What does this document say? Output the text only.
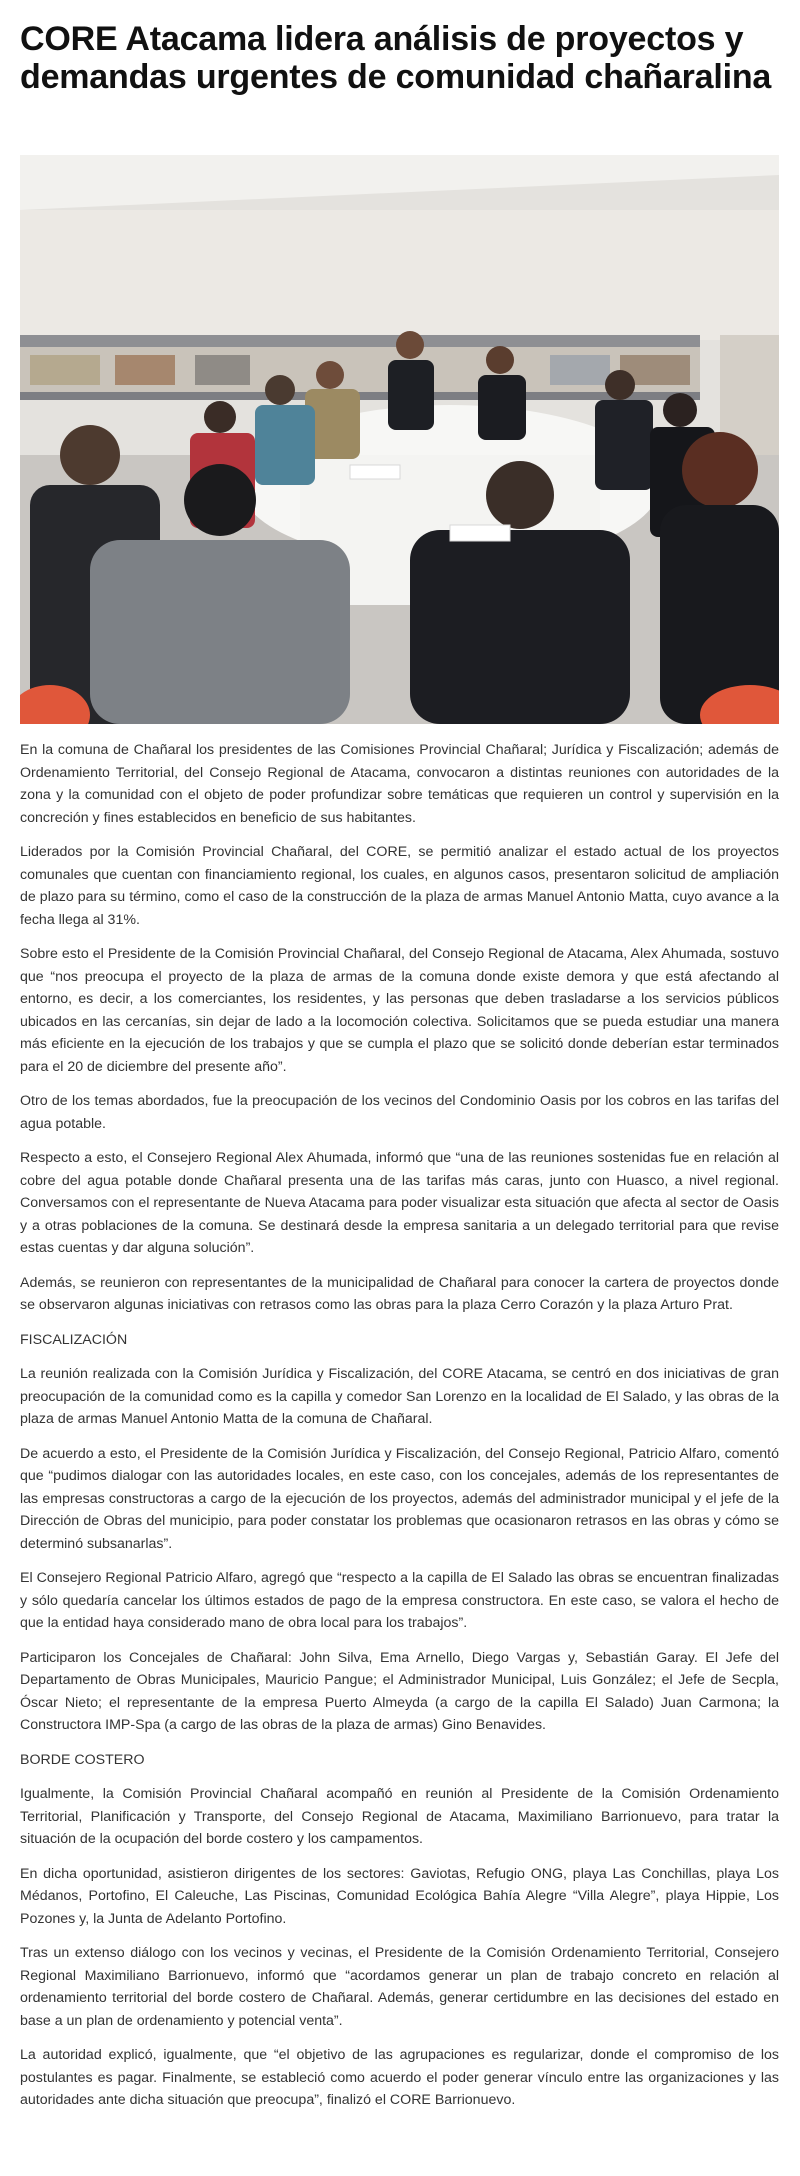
CORE Atacama lidera análisis de proyectos y demandas urgentes de comunidad chañaralina

En la comuna de Chañaral los presidentes de las Comisiones Provincial Chañaral; Jurídica y Fiscalización; además de Ordenamiento Territorial, del Consejo Regional de Atacama, convocaron a distintas reuniones con autoridades de la zona y la comunidad con el objeto de poder profundizar sobre temáticas que requieren un control y supervisión en la concreción y fines establecidos en beneficio de sus habitantes.

Liderados por la Comisión Provincial Chañaral, del CORE, se permitió analizar el estado actual de los proyectos comunales que cuentan con financiamiento regional, los cuales, en algunos casos, presentaron solicitud de ampliación de plazo para su término, como el caso de la construcción de la plaza de armas Manuel Antonio Matta, cuyo avance a la fecha llega al 31%.

Sobre esto el Presidente de la Comisión Provincial Chañaral, del Consejo Regional de Atacama, Alex Ahumada, sostuvo que “nos preocupa el proyecto de la plaza de armas de la comuna donde existe demora y que está afectando al entorno, es decir, a los comerciantes, los residentes, y las personas que deben trasladarse a los servicios públicos ubicados en las cercanías, sin dejar de lado a la locomoción colectiva. Solicitamos que se pueda estudiar una manera más eficiente en la ejecución de los trabajos y que se cumpla el plazo que se solicitó donde deberían estar terminados para el 20 de diciembre del presente año”.

Otro de los temas abordados, fue la preocupación de los vecinos del Condominio Oasis por los cobros en las tarifas del agua potable.

Respecto a esto, el Consejero Regional Alex Ahumada, informó que “una de las reuniones sostenidas fue en relación al cobre del agua potable donde Chañaral presenta una de las tarifas más caras, junto con Huasco, a nivel regional. Conversamos con el representante de Nueva Atacama para poder visualizar esta situación que afecta al sector de Oasis y a otras poblaciones de la comuna. Se destinará desde la empresa sanitaria a un delegado territorial para que revise estas cuentas y dar alguna solución”.

Además, se reunieron con representantes de la municipalidad de Chañaral para conocer la cartera de proyectos donde se observaron algunas iniciativas con retrasos como las obras para la plaza Cerro Corazón y la plaza Arturo Prat.

FISCALIZACIÓN

La reunión realizada con la Comisión Jurídica y Fiscalización, del CORE Atacama, se centró en dos iniciativas de gran preocupación de la comunidad como es la capilla y comedor San Lorenzo en la localidad de El Salado, y las obras de la plaza de armas Manuel Antonio Matta de la comuna de Chañaral.

De acuerdo a esto, el Presidente de la Comisión Jurídica y Fiscalización, del Consejo Regional, Patricio Alfaro, comentó que “pudimos dialogar con las autoridades locales, en este caso, con los concejales, además de los representantes de las empresas constructoras a cargo de la ejecución de los proyectos, además del administrador municipal y el jefe de la Dirección de Obras del municipio, para poder constatar los problemas que ocasionaron retrasos en las obras y cómo se determinó subsanarlas”.

El Consejero Regional Patricio Alfaro, agregó que “respecto a la capilla de El Salado las obras se encuentran finalizadas y sólo quedaría cancelar los últimos estados de pago de la empresa constructora. En este caso, se valora el hecho de que la entidad haya considerado mano de obra local para los trabajos”.

Participaron los Concejales de Chañaral: John Silva, Ema Arnello, Diego Vargas y, Sebastián Garay. El Jefe del Departamento de Obras Municipales, Mauricio Pangue; el Administrador Municipal, Luis González; el Jefe de Secpla, Óscar Nieto; el representante de la empresa Puerto Almeyda (a cargo de la capilla El Salado) Juan Carmona; la Constructora IMP-Spa (a cargo de las obras de la plaza de armas) Gino Benavides.

BORDE COSTERO

Igualmente, la Comisión Provincial Chañaral acompañó en reunión al Presidente de la Comisión Ordenamiento Territorial, Planificación y Transporte, del Consejo Regional de Atacama, Maximiliano Barrionuevo, para tratar la situación de la ocupación del borde costero y los campamentos.

En dicha oportunidad, asistieron dirigentes de los sectores: Gaviotas, Refugio ONG, playa Las Conchillas, playa Los Médanos, Portofino, El Caleuche, Las Piscinas, Comunidad Ecológica Bahía Alegre “Villa Alegre”, playa Hippie, Los Pozones y, la Junta de Adelanto Portofino.

Tras un extenso diálogo con los vecinos y vecinas, el Presidente de la Comisión Ordenamiento Territorial, Consejero Regional Maximiliano Barrionuevo, informó que “acordamos generar un plan de trabajo concreto en relación al ordenamiento territorial del borde costero de Chañaral. Además, generar certidumbre en las decisiones del estado en base a un plan de ordenamiento y potencial venta”.

La autoridad explicó, igualmente, que “el objetivo de las agrupaciones es regularizar, donde el compromiso de los postulantes es pagar. Finalmente, se estableció como acuerdo el poder generar vínculo entre las organizaciones y las autoridades ante dicha situación que preocupa”, finalizó el CORE Barrionuevo.
